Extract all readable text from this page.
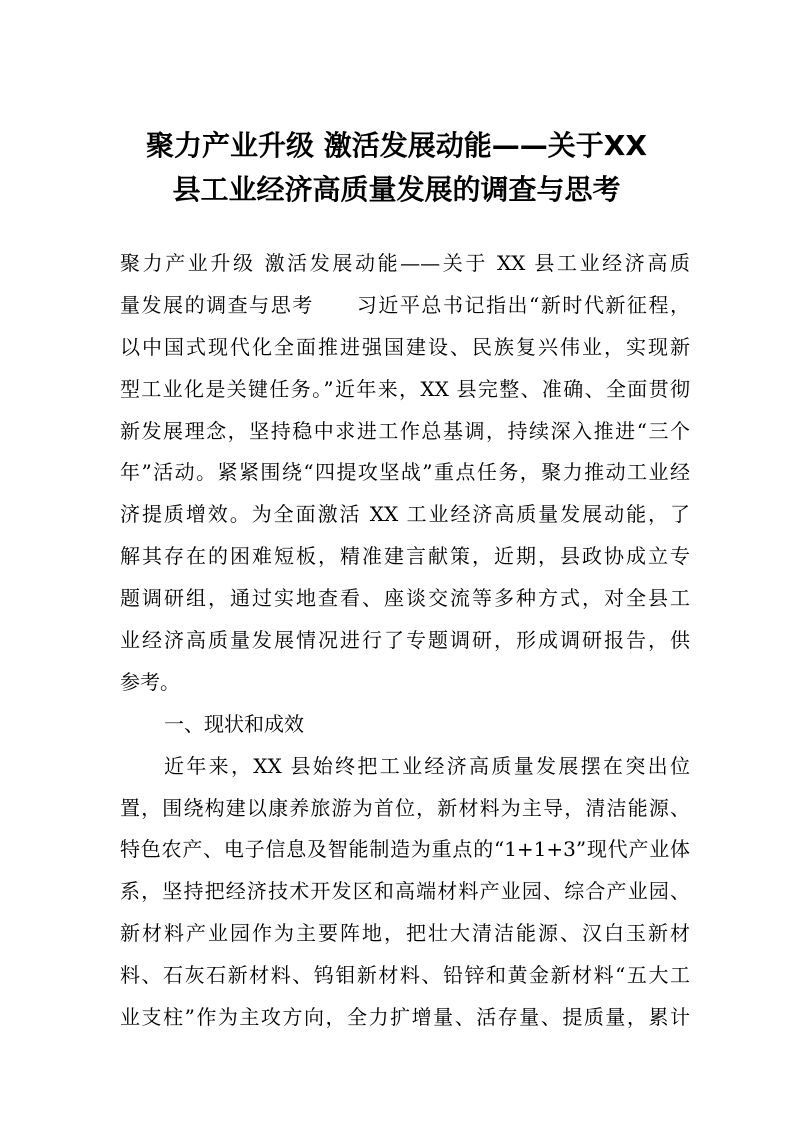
聚力产业升级 激活发展动能——关于XX
县工业经济高质量发展的调查与思考
聚力产业升级 激活发展动能——关于 XX 县工业经济高质
量发展的调查与思考　　习近平总书记指出“新时代新征程，
以中国式现代化全面推进强国建设、民族复兴伟业，实现新
型工业化是关键任务。”近年来，XX 县完整、准确、全面贯彻
新发展理念，坚持稳中求进工作总基调，持续深入推进“三个
年”活动。紧紧围绕“四提攻坚战”重点任务，聚力推动工业经
济提质增效。为全面激活 XX 工业经济高质量发展动能，了
解其存在的困难短板，精准建言献策，近期，县政协成立专
题调研组，通过实地查看、座谈交流等多种方式，对全县工
业经济高质量发展情况进行了专题调研，形成调研报告，供
参考。
一、现状和成效
近年来，XX 县始终把工业经济高质量发展摆在突出位
置，围绕构建以康养旅游为首位，新材料为主导，清洁能源、
特色农产、电子信息及智能制造为重点的“1+1+3”现代产业体
系，坚持把经济技术开发区和高端材料产业园、综合产业园、
新材料产业园作为主要阵地，把壮大清洁能源、汉白玉新材
料、石灰石新材料、钨钼新材料、铅锌和黄金新材料“五大工
业支柱”作为主攻方向，全力扩增量、活存量、提质量，累计
